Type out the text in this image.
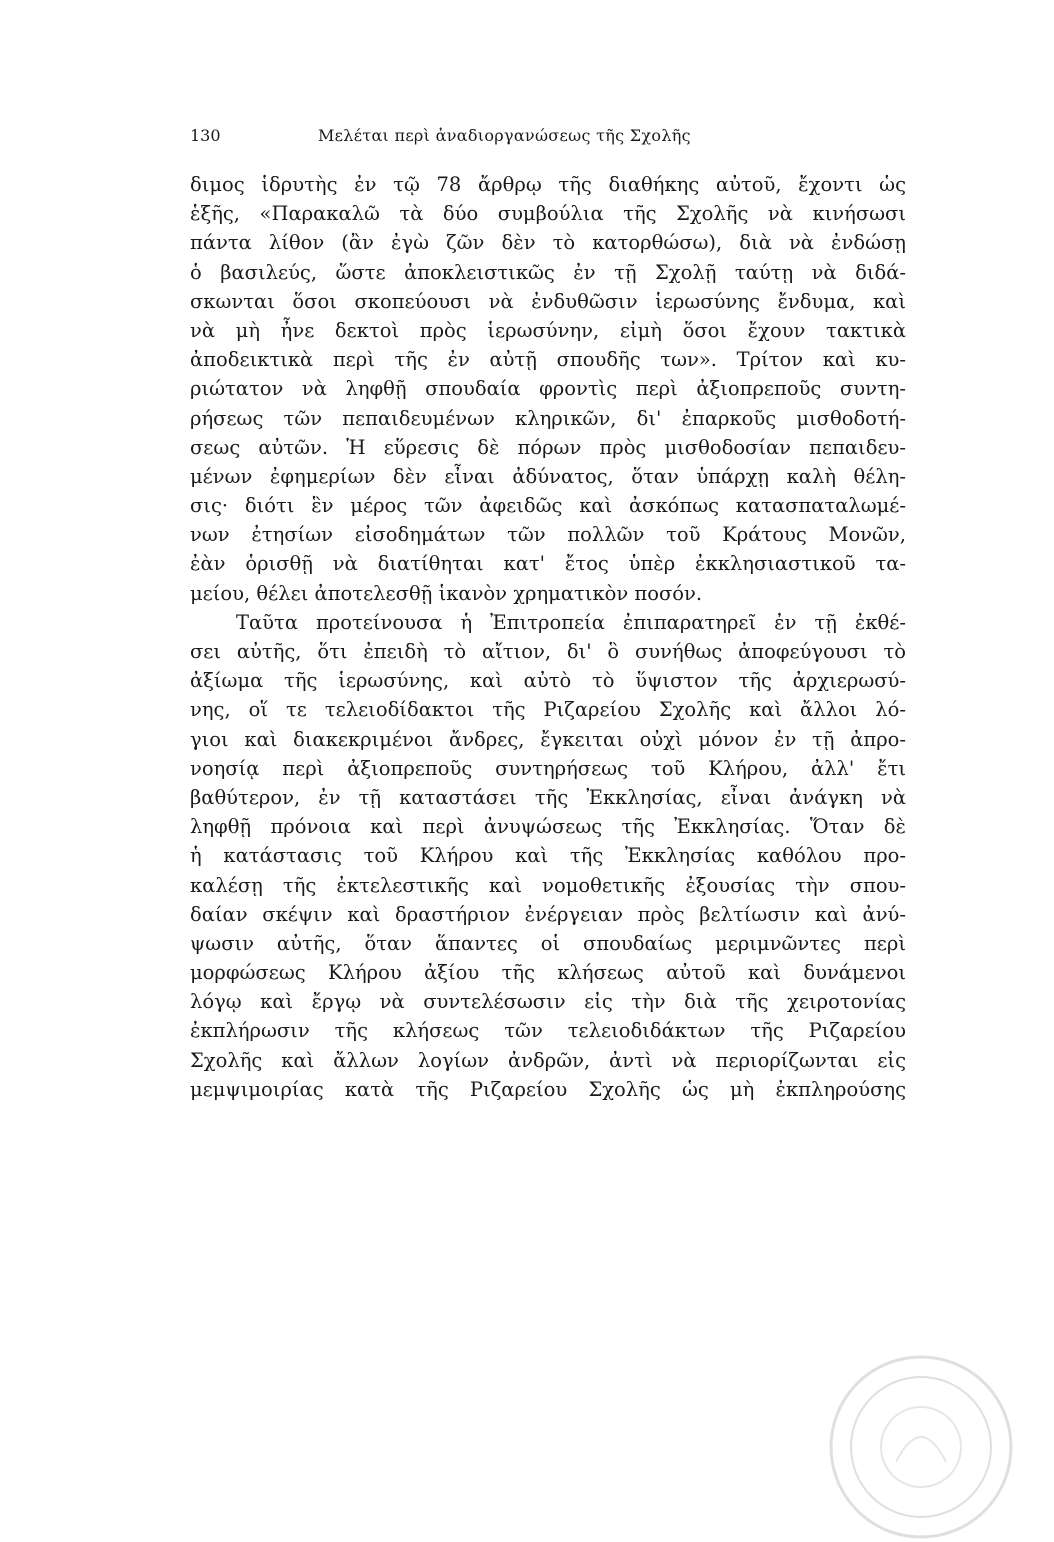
130	Μελέται περὶ ἀναδιοργανώσεως τῆς Σχολῆς
διμος ἱδρυτὴς ἐν τῷ 78 ἄρθρῳ τῆς διαθήκης αὐτοῦ, ἔχοντι ὡς
ἑξῆς, «Παρακαλῶ τὰ δύο συμβούλια τῆς Σχολῆς νὰ κινήσωσι
πάντα λίθον (ἂν ἐγὼ ζῶν δὲν τὸ κατορθώσω), διὰ νὰ ἐνδώσῃ
ὁ βασιλεύς, ὥστε ἀποκλειστικῶς ἐν τῇ Σχολῇ ταύτῃ νὰ διδά-
σκωνται ὅσοι σκοπεύουσι νὰ ἐνδυθῶσιν ἱερωσύνης ἔνδυμα, καὶ
νὰ μὴ ἦνε δεκτοὶ πρὸς ἱερωσύνην, εἰμὴ ὅσοι ἔχουν τακτικὰ
ἀποδεικτικὰ περὶ τῆς ἐν αὐτῇ σπουδῆς των». Τρίτον καὶ κυ-
ριώτατον νὰ ληφθῇ σπουδαία φροντὶς περὶ ἀξιοπρεποῦς συντη-
ρήσεως τῶν πεπαιδευμένων κληρικῶν, δι' ἐπαρκοῦς μισθοδοτή-
σεως αὐτῶν. Ἡ εὕρεσις δὲ πόρων πρὸς μισθοδοσίαν πεπαιδευ-
μένων ἐφημερίων δὲν εἶναι ἀδύνατος, ὅταν ὑπάρχῃ καλὴ θέλη-
σις· διότι ἓν μέρος τῶν ἀφειδῶς καὶ ἀσκόπως κατασπαταλωμέ-
νων ἐτησίων εἰσοδημάτων τῶν πολλῶν τοῦ Κράτους Μονῶν,
ἐὰν ὁρισθῇ νὰ διατίθηται κατ' ἔτος ὑπὲρ ἐκκλησιαστικοῦ τα-
μείου, θέλει ἀποτελεσθῇ ἱκανὸν χρηματικὸν ποσόν.
Ταῦτα προτείνουσα ἡ Ἐπιτροπεία ἐπιπαρατηρεῖ ἐν τῇ ἐκθέ-
σει αὐτῆς, ὅτι ἐπειδὴ τὸ αἴτιον, δι' ὃ συνήθως ἀποφεύγουσι τὸ
ἀξίωμα τῆς ἱερωσύνης, καὶ αὐτὸ τὸ ὕψιστον τῆς ἀρχιερωσύ-
νης, οἵ τε τελειοδίδακτοι τῆς Ριζαρείου Σχολῆς καὶ ἄλλοι λό-
γιοι καὶ διακεκριμένοι ἄνδρες, ἔγκειται οὐχὶ μόνον ἐν τῇ ἀπρο-
νοησίᾳ περὶ ἀξιοπρεποῦς συντηρήσεως τοῦ Κλήρου, ἀλλ' ἔτι
βαθύτερον, ἐν τῇ καταστάσει τῆς Ἐκκλησίας, εἶναι ἀνάγκη νὰ
ληφθῇ πρόνοια καὶ περὶ ἀνυψώσεως τῆς Ἐκκλησίας. Ὅταν δὲ
ἡ κατάστασις τοῦ Κλήρου καὶ τῆς Ἐκκλησίας καθόλου προ-
καλέσῃ τῆς ἐκτελεστικῆς καὶ νομοθετικῆς ἐξουσίας τὴν σπου-
δαίαν σκέψιν καὶ δραστήριον ἐνέργειαν πρὸς βελτίωσιν καὶ ἀνύ-
ψωσιν αὐτῆς, ὅταν ἅπαντες οἱ σπουδαίως μεριμνῶντες περὶ
μορφώσεως Κλήρου ἀξίου τῆς κλήσεως αὐτοῦ καὶ δυνάμενοι
λόγῳ καὶ ἔργῳ νὰ συντελέσωσιν εἰς τὴν διὰ τῆς χειροτονίας
ἐκπλήρωσιν τῆς κλήσεως τῶν τελειοδιδάκτων τῆς Ριζαρείου
Σχολῆς καὶ ἄλλων λογίων ἀνδρῶν, ἀντὶ νὰ περιορίζωνται εἰς
μεμψιμοιρίας κατὰ τῆς Ριζαρείου Σχολῆς ὡς μὴ ἐκπληρούσης
